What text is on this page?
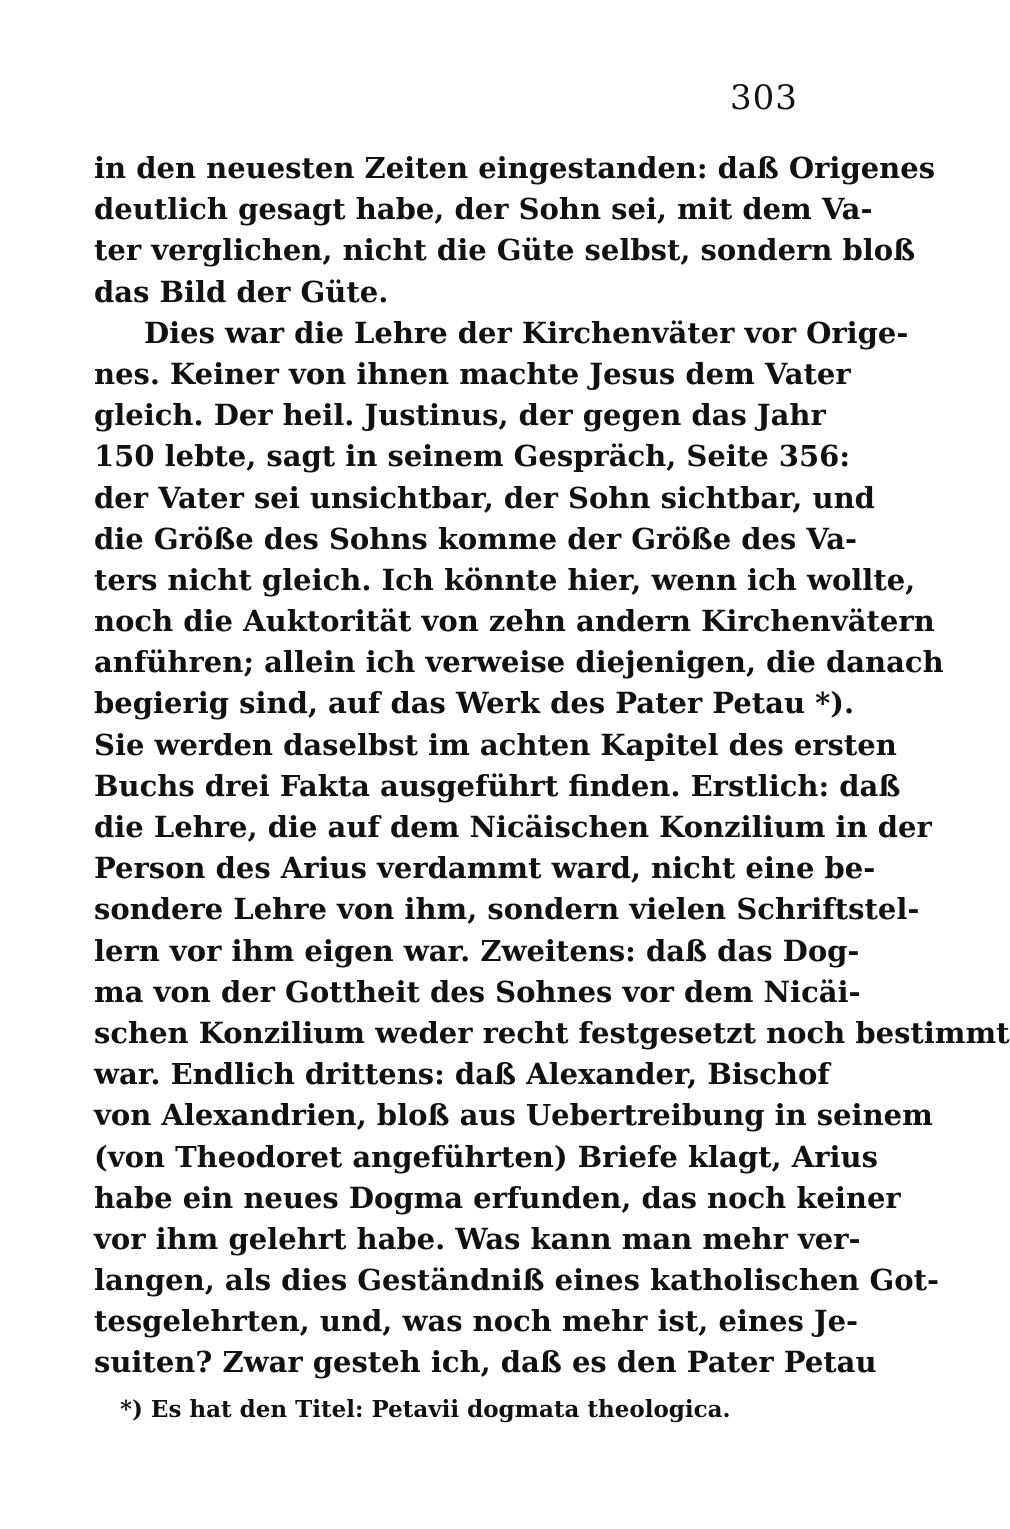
303
in den neuesten Zeiten eingestanden: daß Origenes
deutlich gesagt habe, der Sohn sei, mit dem Va-
ter verglichen, nicht die Güte selbst, sondern bloß
das Bild der Güte.
Dies war die Lehre der Kirchenväter vor Orige-
nes. Keiner von ihnen machte Jesus dem Vater
gleich. Der heil. Justinus, der gegen das Jahr
150 lebte, sagt in seinem Gespräch, Seite 356:
der Vater sei unsichtbar, der Sohn sichtbar, und
die Größe des Sohns komme der Größe des Va-
ters nicht gleich. Ich könnte hier, wenn ich wollte,
noch die Auktorität von zehn andern Kirchenvätern
anführen; allein ich verweise diejenigen, die danach
begierig sind, auf das Werk des Pater Petau *).
Sie werden daselbst im achten Kapitel des ersten
Buchs drei Fakta ausgeführt finden. Erstlich: daß
die Lehre, die auf dem Nicäischen Konzilium in der
Person des Arius verdammt ward, nicht eine be-
sondere Lehre von ihm, sondern vielen Schriftstel-
lern vor ihm eigen war. Zweitens: daß das Dog-
ma von der Gottheit des Sohnes vor dem Nicäi-
schen Konzilium weder recht festgesetzt noch bestimmt
war. Endlich drittens: daß Alexander, Bischof
von Alexandrien, bloß aus Uebertreibung in seinem
(von Theodoret angeführten) Briefe klagt, Arius
habe ein neues Dogma erfunden, das noch keiner
vor ihm gelehrt habe. Was kann man mehr ver-
langen, als dies Geständniß eines katholischen Got-
tesgelehrten, und, was noch mehr ist, eines Je-
suiten? Zwar gesteh ich, daß es den Pater Petau
*) Es hat den Titel: Petavii dogmata theologica.
